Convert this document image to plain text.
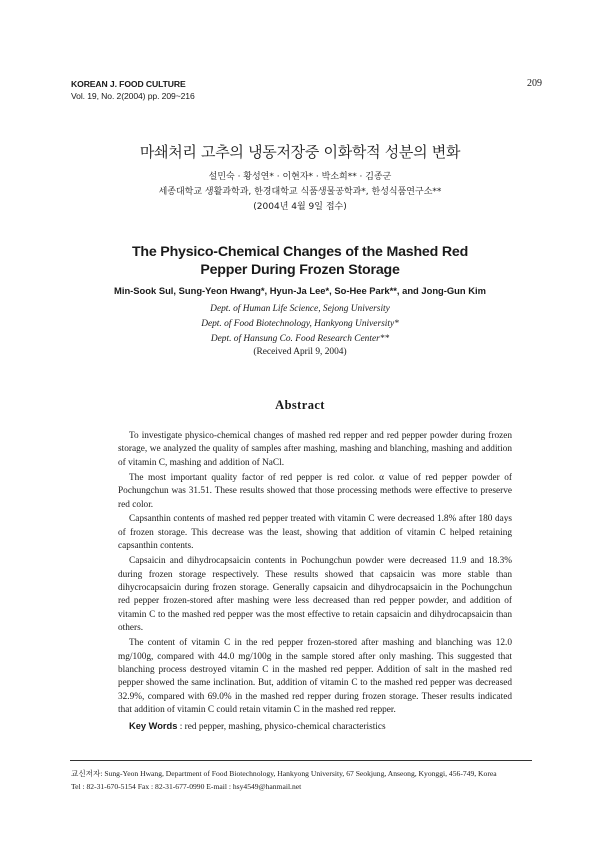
KOREAN J. FOOD CULTURE
Vol. 19, No. 2(2004) pp. 209~216
209
마쇄처리 고추의 냉동저장중 이화학적 성분의 변화
설민숙 · 황성연* · 이현자* · 박소희** · 김종군
세종대학교 생활과학과, 한경대학교 식품생물공학과*, 한성식품연구소**
(2004년 4월 9일 접수)
The Physico-Chemical Changes of the Mashed Red
Pepper During Frozen Storage
Min-Sook Sul, Sung-Yeon Hwang*, Hyun-Ja Lee*, So-Hee Park**, and Jong-Gun Kim
Dept. of Human Life Science, Sejong University
Dept. of Food Biotechnology, Hankyong University*
Dept. of Hansung Co. Food Research Center**
(Received April 9, 2004)
Abstract

To investigate physico-chemical changes of mashed red repper and red pepper powder during frozen storage, we analyzed the quality of samples after mashing, mashing and blanching, mashing and addition of vitamin C, mashing and addition of NaCl.

The most important quality factor of red pepper is red color. α value of red pepper powder of Pochungchun was 31.51. These results showed that those processing methods were effective to preserve red color.

Capsanthin contents of mashed red pepper treated with vitamin C were decreased 1.8% after 180 days of frozen storage. This decrease was the least, showing that addition of vitamin C helped retaining capsanthin contents.

Capsaicin and dihydrocapsaicin contents in Pochungchun powder were decreased 11.9 and 18.3% during frozen storage respectively. These results showed that capsaicin was more stable than dihycrocapsaicin during frozen storage. Generally capsaicin and dihydrocapsaicin in the Pochungchun red pepper frozen-stored after mashing were less decreased than red pepper powder, and addition of vitamin C to the mashed red pepper was the most effective to retain capsaicin and dihydrocapsaicin than others.

The content of vitamin C in the red pepper frozen-stored after mashing and blanching was 12.0 mg/100g, compared with 44.0 mg/100g in the sample stored after only mashing. This suggested that blanching process destroyed vitamin C in the mashed red pepper. Addition of salt in the mashed red pepper showed the same inclination. But, addition of vitamin C to the mashed red pepper was decreased 32.9%, compared with 69.0% in the mashed red repper during frozen storage. Theser results indicated that addition of vitamin C could retain vitamin C in the mashed red repper.

Key Words : red pepper, mashing, physico-chemical characteristics
교신저자: Sung-Yeon Hwang, Department of Food Biotechnology, Hankyong University, 67 Seokjung, Anseong, Kyonggi, 456-749, Korea
Tel : 82-31-670-5154 Fax : 82-31-677-0990 E-mail : hsy4549@hanmail.net
